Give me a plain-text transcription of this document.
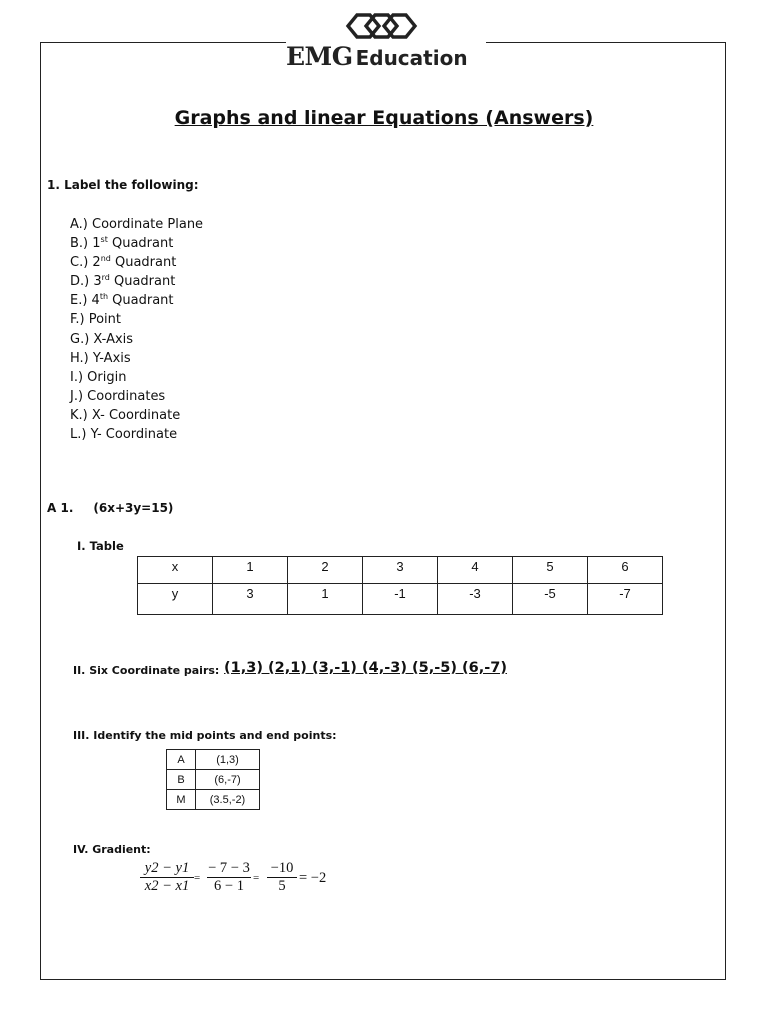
EMG Education
Graphs and linear Equations (Answers)
1. Label the following:
A.) Coordinate Plane
B.) 1st Quadrant
C.) 2nd Quadrant
D.) 3rd Quadrant
E.) 4th Quadrant
F.) Point
G.) X-Axis
H.) Y-Axis
I.) Origin
J.) Coordinates
K.) X- Coordinate
L.) Y- Coordinate
A 1. (6x+3y=15)
I. Table
x	1	2	3	4	5	6
y	3	1	-1	-3	-5	-7
II. Six Coordinate pairs: (1,3) (2,1) (3,-1) (4,-3) (5,-5) (6,-7)
III. Identify the mid points and end points:
A	(1,3)
B	(6,-7)
M	(3.5,-2)
IV. Gradient:
$\frac{y2 - y1}{x2 - x1} = \frac{- 7 - 3}{6 - 1} = \frac{-10}{5} = -2$
